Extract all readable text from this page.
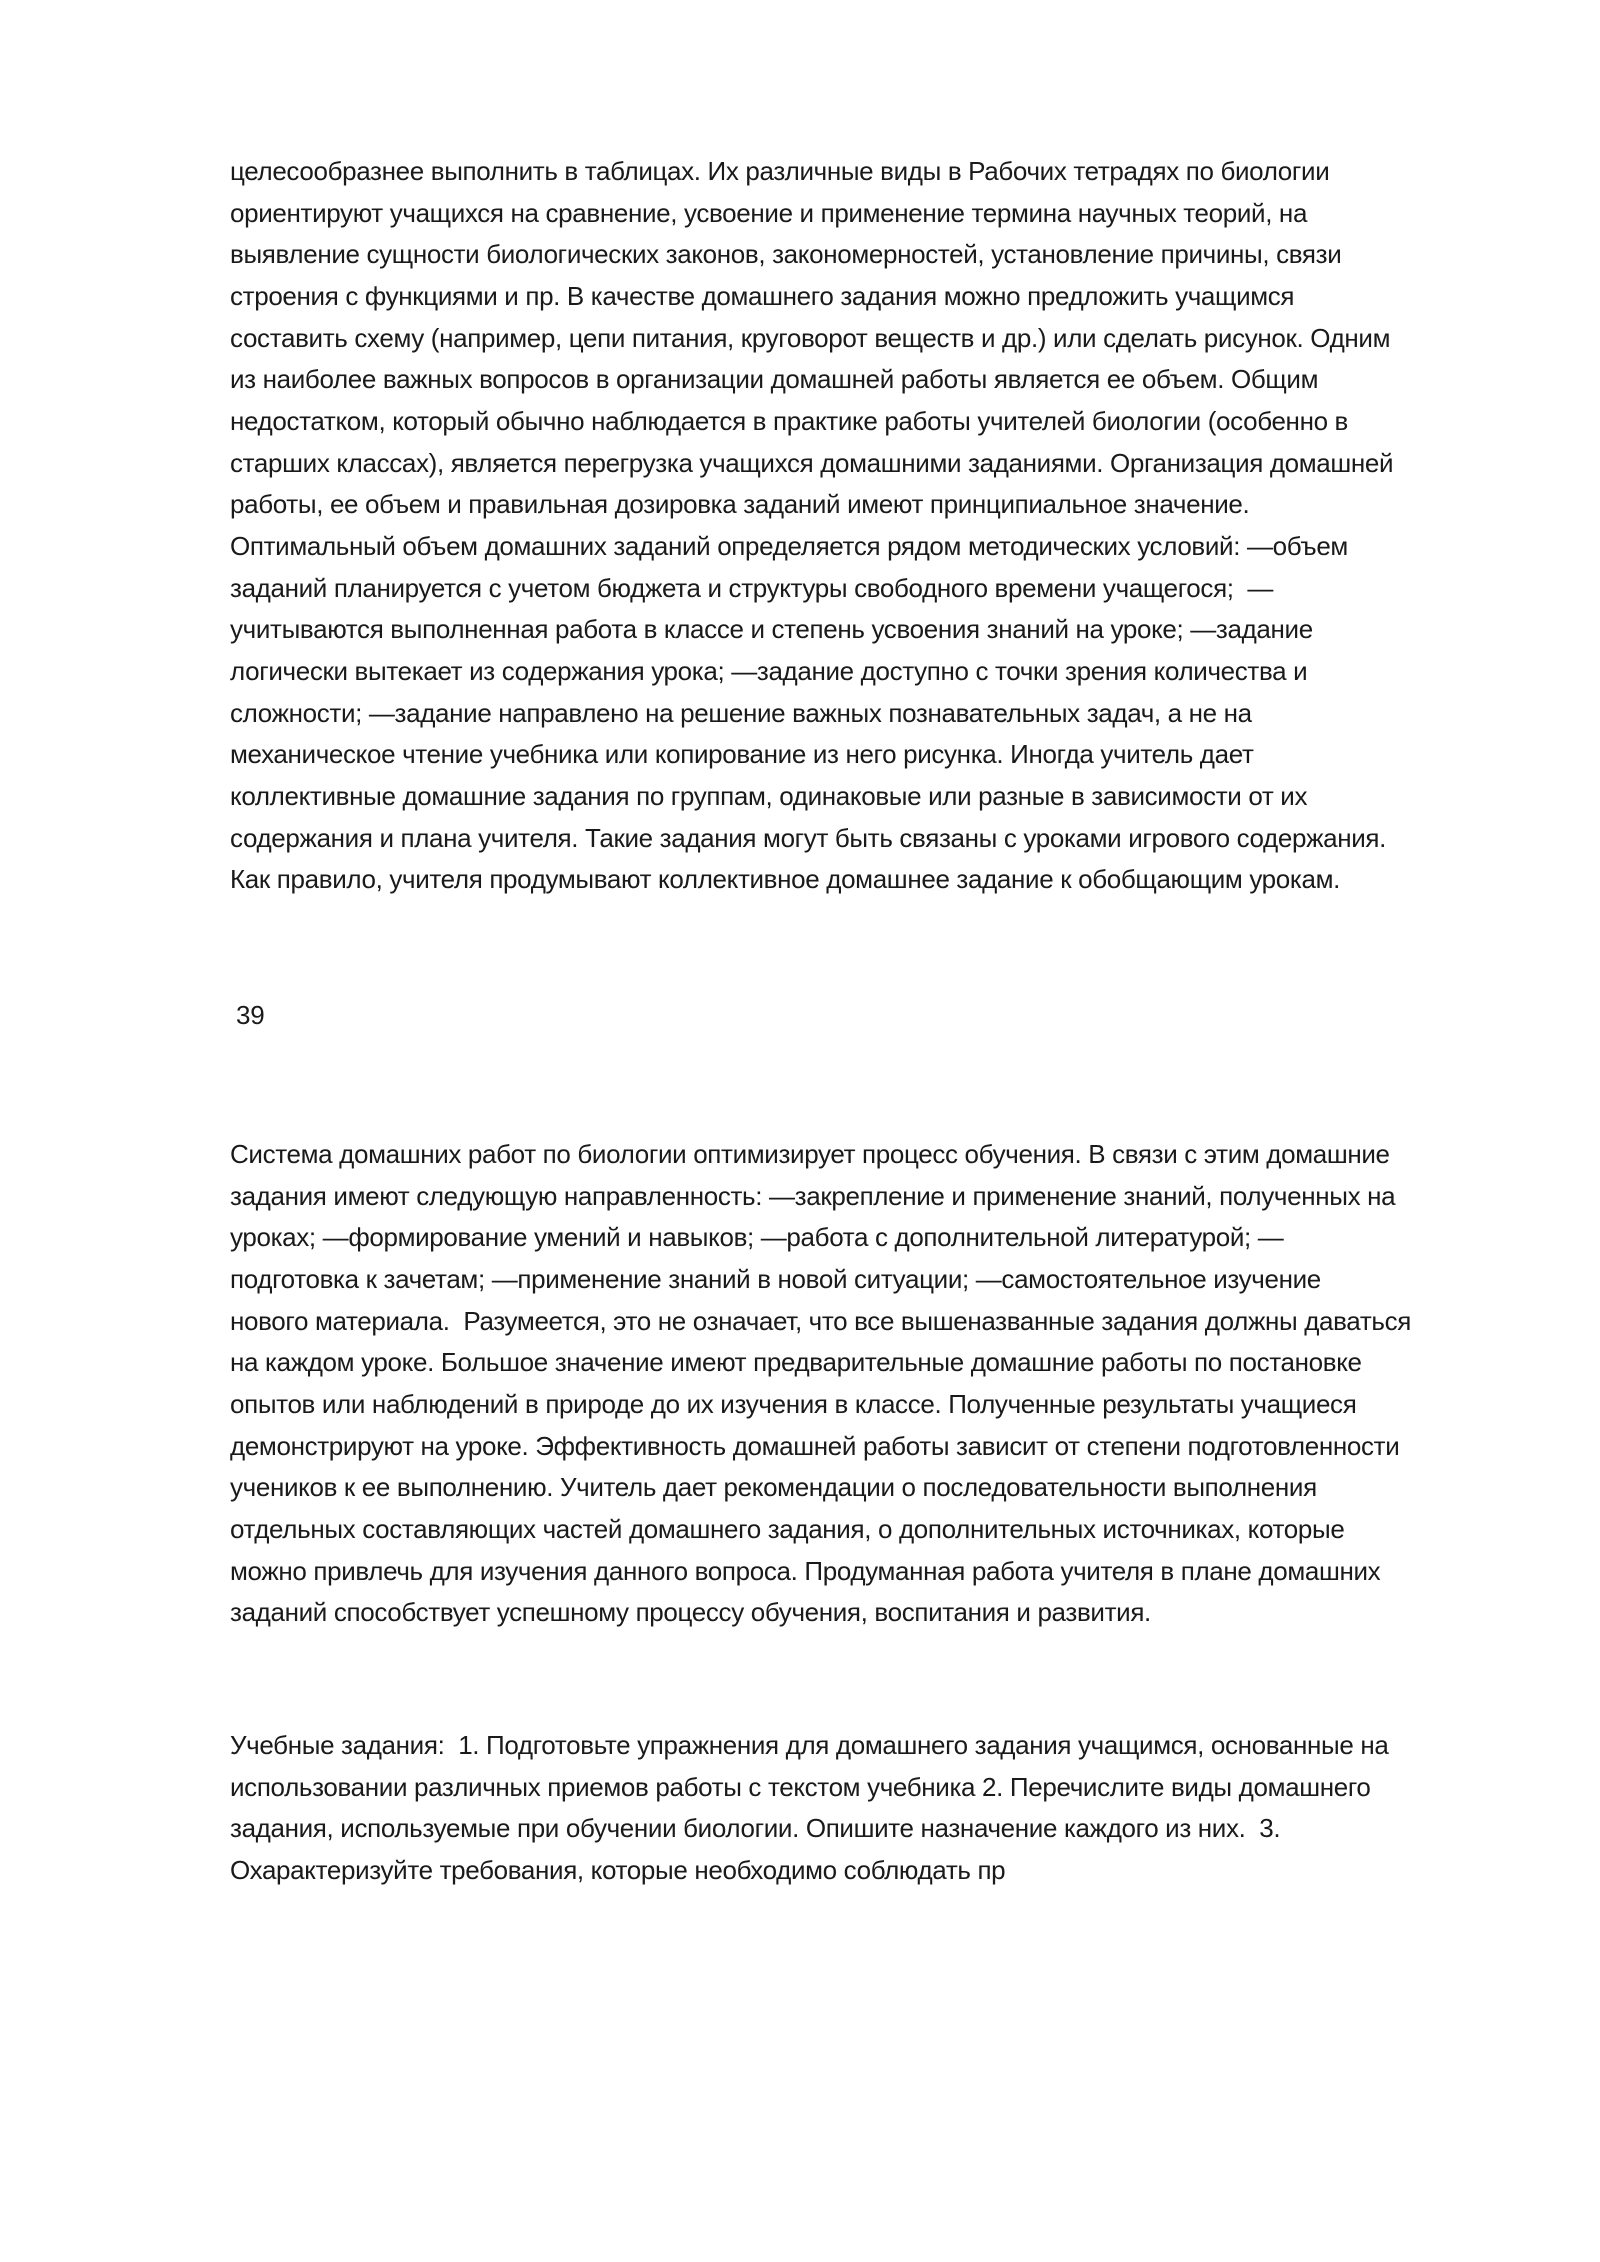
целесообразнее выполнить в таблицах. Их различные виды в Рабочих тетрадях по биологии
ориентируют учащихся на сравнение, усвоение и применение термина научных теорий, на
выявление сущности биологических законов, закономерностей, установление причины, связи
строения с функциями и пр. В качестве домашнего задания можно предложить учащимся
составить схему (например, цепи питания, круговорот веществ и др.) или сделать рисунок. Одним
из наиболее важных вопросов в организации домашней работы является ее объем. Общим
недостатком, который обычно наблюдается в практике работы учителей биологии (особенно в
старших классах), является перегрузка учащихся домашними заданиями. Организация домашней
работы, ее объем и правильная дозировка заданий имеют принципиальное значение.
Оптимальный объем домашних заданий определяется рядом методических условий: —объем
заданий планируется с учетом бюджета и структуры свободного времени учащегося;  —
учитываются выполненная работа в классе и степень усвоения знаний на уроке; —задание
логически вытекает из содержания урока; —задание доступно с точки зрения количества и
сложности; —задание направлено на решение важных познавательных задач, а не на
механическое чтение учебника или копирование из него рисунка. Иногда учитель дает
коллективные домашние задания по группам, одинаковые или разные в зависимости от их
содержания и плана учителя. Такие задания могут быть связаны с уроками игрового содержания.
Как правило, учителя продумывают коллективное домашнее задание к обобщающим урокам.
39
Система домашних работ по биологии оптимизирует процесс обучения. В связи с этим домашние
задания имеют следующую направленность: —закрепление и применение знаний, полученных на
уроках; —формирование умений и навыков; —работа с дополнительной литературой; —
подготовка к зачетам; —применение знаний в новой ситуации; —самостоятельное изучение
нового материала.  Разумеется, это не означает, что все вышеназванные задания должны даваться
на каждом уроке. Большое значение имеют предварительные домашние работы по постановке
опытов или наблюдений в природе до их изучения в классе. Полученные результаты учащиеся
демонстрируют на уроке. Эффективность домашней работы зависит от степени подготовленности
учеников к ее выполнению. Учитель дает рекомендации о последовательности выполнения
отдельных составляющих частей домашнего задания, о дополнительных источниках, которые
можно привлечь для изучения данного вопроса. Продуманная работа учителя в плане домашних
заданий способствует успешному процессу обучения, воспитания и развития.
Учебные задания:  1. Подготовьте упражнения для домашнего задания учащимся, основанные на
использовании различных приемов работы с текстом учебника 2. Перечислите виды домашнего
задания, используемые при обучении биологии. Опишите назначение каждого из них.  3.
Охарактеризуйте требования, которые необходимо соблюдать пр
